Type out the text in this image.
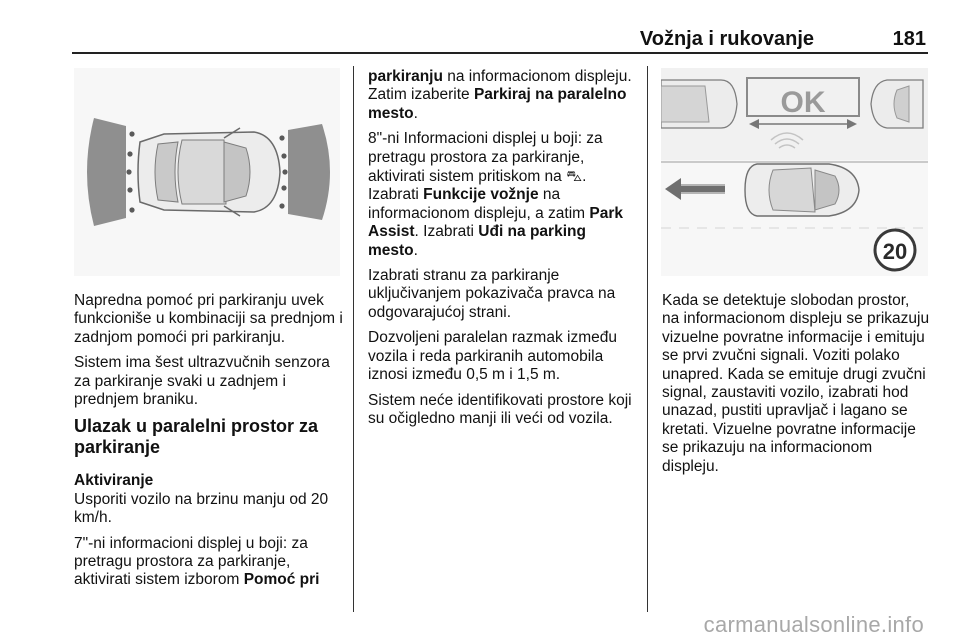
Vožnja i rukovanje	181

Napredna pomoć pri parkiranju uvek funkcioniše u kombinaciji sa prednjom i zadnjom pomoći pri parkiranju.

Sistem ima šest ultrazvučnih senzora za parkiranje svaki u zadnjem i prednjem braniku.

Ulazak u paralelni prostor za parkiranje
Aktiviranje

Usporiti vozilo na brzinu manju od 20 km/h.

7"-ni informacioni displej u boji: za pretragu prostora za parkiranje, aktivirati sistem izborom Pomoć pri

parkiranju na informacionom displeju. Zatim izaberite Parkiraj na paralelno mesto.

8"-ni Informacioni displej u boji: za pretragu prostora za parkiranje, aktivirati sistem pritiskom na ⛍. Izabrati Funkcije vožnje na informacionom displeju, a zatim Park Assist. Izabrati Uđi na parking mesto.

Izabrati stranu za parkiranje uključivanjem pokazivača pravca na odgovarajućoj strani.

Dozvoljeni paralelan razmak između vozila i reda parkiranih automobila iznosi između 0,5 m i 1,5 m.

Sistem neće identifikovati prostore koji su očigledno manji ili veći od vozila.

OK
20

Kada se detektuje slobodan prostor, na informacionom displeju se prikazuju vizuelne povratne informacije i emituju se prvi zvučni signali. Voziti polako unapred. Kada se emituje drugi zvučni signal, zaustaviti vozilo, izabrati hod unazad, pustiti upravljač i lagano se kretati. Vizuelne povratne informacije se prikazuju na informacionom displeju.

carmanualsonline.info
